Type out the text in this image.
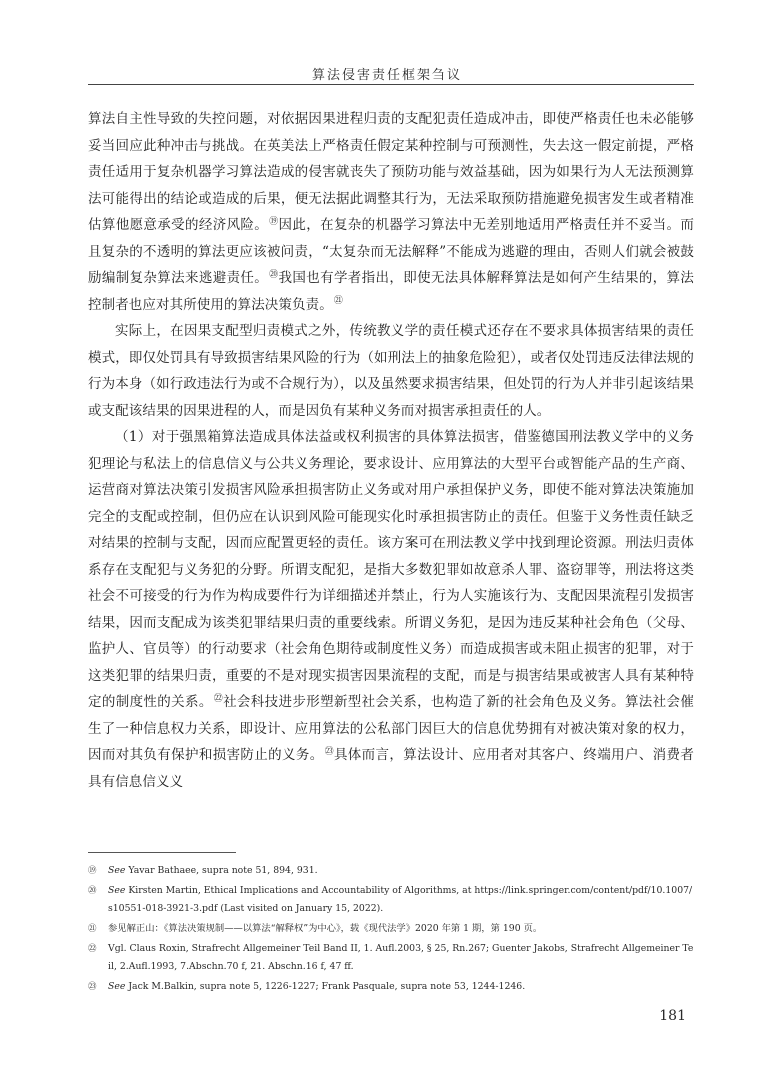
算法侵害责任框架刍议

算法自主性导致的失控问题，对依据因果进程归责的支配犯责任造成冲击，即使严格责任也未必能够妥当回应此种冲击与挑战。在英美法上严格责任假定某种控制与可预测性，失去这一假定前提，严格责任适用于复杂机器学习算法造成的侵害就丧失了预防功能与效益基础，因为如果行为人无法预测算法可能得出的结论或造成的后果，便无法据此调整其行为，无法采取预防措施避免损害发生或者精准估算他愿意承受的经济风险。⑲因此，在复杂的机器学习算法中无差别地适用严格责任并不妥当。而且复杂的不透明的算法更应该被问责，“太复杂而无法解释”不能成为逃避的理由，否则人们就会被鼓励编制复杂算法来逃避责任。⑳我国也有学者指出，即使无法具体解释算法是如何产生结果的，算法控制者也应对其所使用的算法决策负责。$^㉑$

实际上，在因果支配型归责模式之外，传统教义学的责任模式还存在不要求具体损害结果的责任模式，即仅处罚具有导致损害结果风险的行为（如刑法上的抽象危险犯），或者仅处罚违反法律法规的行为本身（如行政违法行为或不合规行为），以及虽然要求损害结果，但处罚的行为人并非引起该结果或支配该结果的因果进程的人，而是因负有某种义务而对损害承担责任的人。

（1）对于强黑箱算法造成具体法益或权利损害的具体算法损害，借鉴德国刑法教义学中的义务犯理论与私法上的信息信义与公共义务理论，要求设计、应用算法的大型平台或智能产品的生产商、运营商对算法决策引发损害风险承担损害防止义务或对用户承担保护义务，即使不能对算法决策施加完全的支配或控制，但仍应在认识到风险可能现实化时承担损害防止的责任。但鉴于义务性责任缺乏对结果的控制与支配，因而应配置更轻的责任。该方案可在刑法教义学中找到理论资源。刑法归责体系存在支配犯与义务犯的分野。所谓支配犯，是指大多数犯罪如故意杀人罪、盗窃罪等，刑法将这类社会不可接受的行为作为构成要件行为详细描述并禁止，行为人实施该行为、支配因果流程引发损害结果，因而支配成为该类犯罪结果归责的重要线索。所谓义务犯，是因为违反某种社会角色（父母、监护人、官员等）的行动要求（社会角色期待或制度性义务）而造成损害或未阻止损害的犯罪，对于这类犯罪的结果归责，重要的不是对现实损害因果流程的支配，而是与损害结果或被害人具有某种特定的制度性的关系。$^㉒$社会科技进步形塑新型社会关系，也构造了新的社会角色及义务。算法社会催生了一种信息权力关系，即设计、应用算法的公私部门因巨大的信息优势拥有对被决策对象的权力，因而对其负有保护和损害防止的义务。$^㉓$具体而言，算法设计、应用者对其客户、终端用户、消费者具有信息信义义

⑲ See Yavar Bathaee, supra note 51, 894, 931.
⑳ See Kirsten Martin, Ethical Implications and Accountability of Algorithms, at https://link.springer.com/content/pdf/10.1007/s10551-018-3921-3.pdf (Last visited on January 15, 2022).
㉑ 参见解正山：《算法决策规制——以算法“解释权”为中心》，载《现代法学》2020 年第 1 期，第 190 页。
㉒ Vgl. Claus Roxin, Strafrecht Allgemeiner Teil Band II, 1. Aufl.2003, § 25, Rn.267; Guenter Jakobs, Strafrecht Allgemeiner Teil, 2.Aufl.1993, 7.Abschn.70 f, 21. Abschn.16 f, 47 ff.
㉓ See Jack M.Balkin, supra note 5, 1226-1227; Frank Pasquale, supra note 53, 1244-1246.
181
